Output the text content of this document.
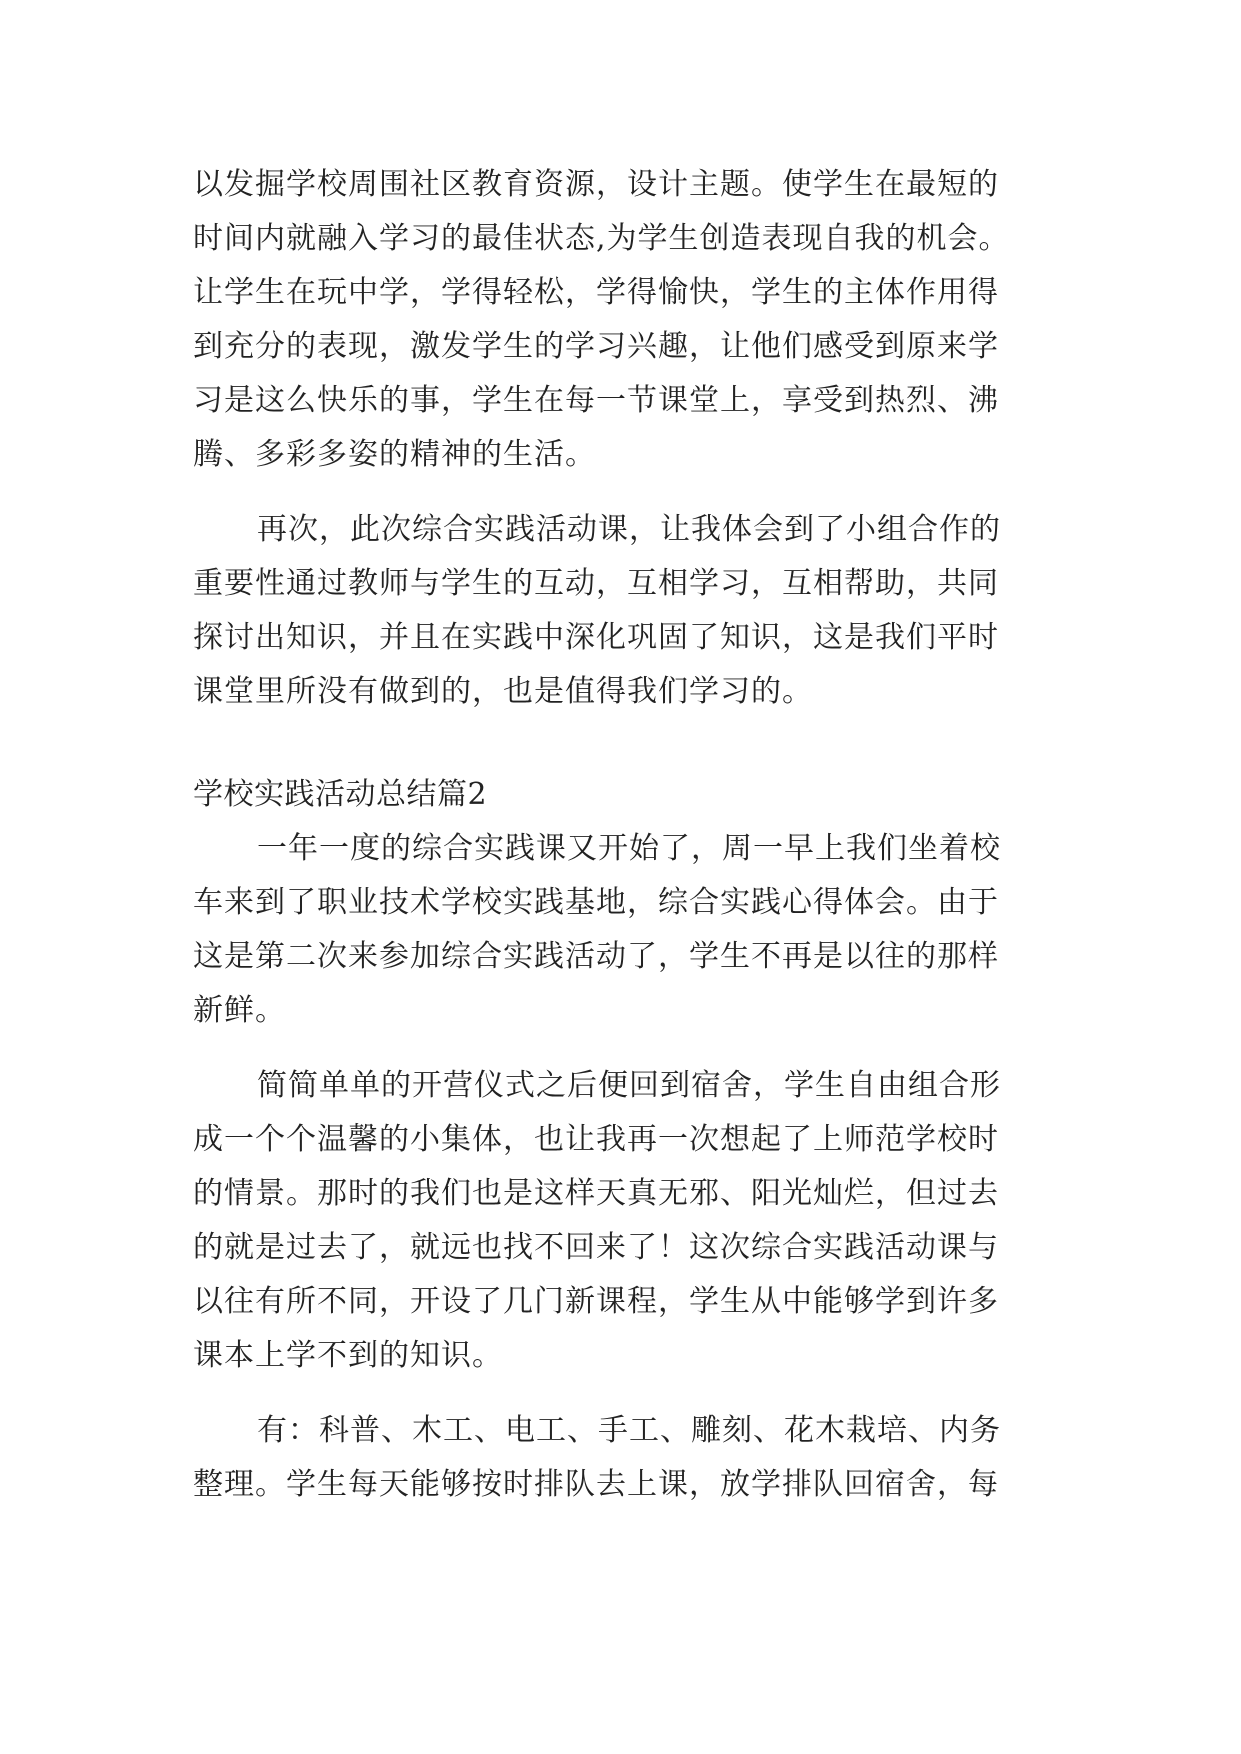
以发掘学校周围社区教育资源，设计主题。使学生在最短的
时间内就融入学习的最佳状态,为学生创造表现自我的机会。
让学生在玩中学，学得轻松，学得愉快，学生的主体作用得
到充分的表现，激发学生的学习兴趣，让他们感受到原来学
习是这么快乐的事，学生在每一节课堂上，享受到热烈、沸
腾、多彩多姿的精神的生活。
再次，此次综合实践活动课，让我体会到了小组合作的
重要性通过教师与学生的互动，互相学习，互相帮助，共同
探讨出知识，并且在实践中深化巩固了知识，这是我们平时
课堂里所没有做到的，也是值得我们学习的。
学校实践活动总结篇2
一年一度的综合实践课又开始了，周一早上我们坐着校
车来到了职业技术学校实践基地，综合实践心得体会。由于
这是第二次来参加综合实践活动了，学生不再是以往的那样
新鲜。
简简单单的开营仪式之后便回到宿舍，学生自由组合形
成一个个温馨的小集体，也让我再一次想起了上师范学校时
的情景。那时的我们也是这样天真无邪、阳光灿烂，但过去
的就是过去了，就远也找不回来了！这次综合实践活动课与
以往有所不同，开设了几门新课程，学生从中能够学到许多
课本上学不到的知识。
有：科普、木工、电工、手工、雕刻、花木栽培、内务
整理。学生每天能够按时排队去上课，放学排队回宿舍，每
